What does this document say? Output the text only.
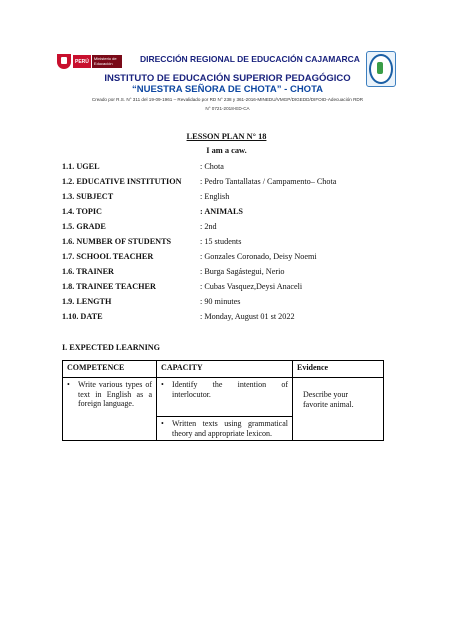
PERÚ	Ministerio de Educación	DIRECCIÓN REGIONAL DE EDUCACIÓN CAJAMARCA
INSTITUTO DE EDUCACIÓN SUPERIOR PEDAGÓGICO
“NUESTRA SEÑORA DE CHOTA” - CHOTA
Creado por R.S. N° 311 del 19-09-1961 – Revalidado por RD N° 238 y 361-2016-MINEDU/VMGP/DIGEDD/DIFOID-Adecuación RDR
N° 0721-2018-ED-CA
LESSON PLAN N° 18
I am a caw.
1.1. UGEL	: Chota
1.2. EDUCATIVE INSTITUTION : Pedro Tantallatas / Campamento– Chota
1.3. SUBJECT	: English
1.4. TOPIC	: ANIMALS
1.5. GRADE	: 2nd
1.6. NUMBER OF STUDENTS	: 15 students
1.7. SCHOOL TEACHER	: Gonzales Coronado, Deisy Noemi
1.6. TRAINER	: Burga Sagástegui, Nerio
1.8. TRAINEE TEACHER	: Cubas Vasquez,Deysi Anaceli
1.9. LENGTH	: 90 minutes
1.10. DATE	: Monday, August 01 st 2022
I. EXPECTED LEARNING
COMPETENCE	CAPACITY	Evidence

• Write various types of text in English as a foreign language.	• Identify the intention of interlocutor.	Describe your favorite animal.

	• Written texts using grammatical theory and appropriate lexicon.	
